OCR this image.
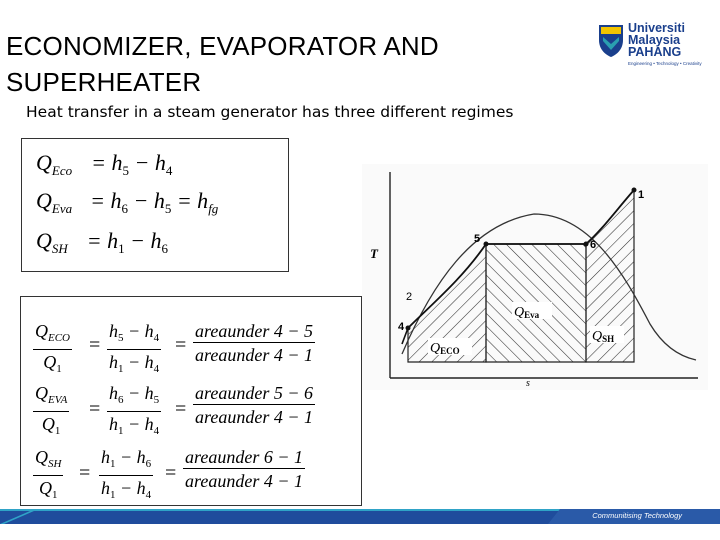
ECONOMIZER, EVAPORATOR AND
SUPERHEATER
Heat transfer in a steam generator has three different regimes
Universiti
Malaysia
PAHANG
Engineering • Technology • Creativity
$Q_{Eco} = h_5 - h_4$
$Q_{Eva} = h_6 - h_5 = h_{fg}$
$Q_{SH} = h_1 - h_6$
$Q_{ECO}$
$Q_1$
= $\frac{h_5 - h_4}{h_1 - h_4}$ =
areaunder 4 − 5
areaunder 4 − 1
$Q_{EVA}$
$Q_1$
= $\frac{h_6 - h_5}{h_1 - h_4}$ =
areaunder 5 − 6
areaunder 4 − 1
$Q_{SH}$
$Q_1$
= $\frac{h_1 - h_6}{h_1 - h_4}$ =
areaunder 6 − 1
areaunder 4 − 1
T
s
1
2
4
5	6
QECO
QEva
QSH
Communitising Technology
